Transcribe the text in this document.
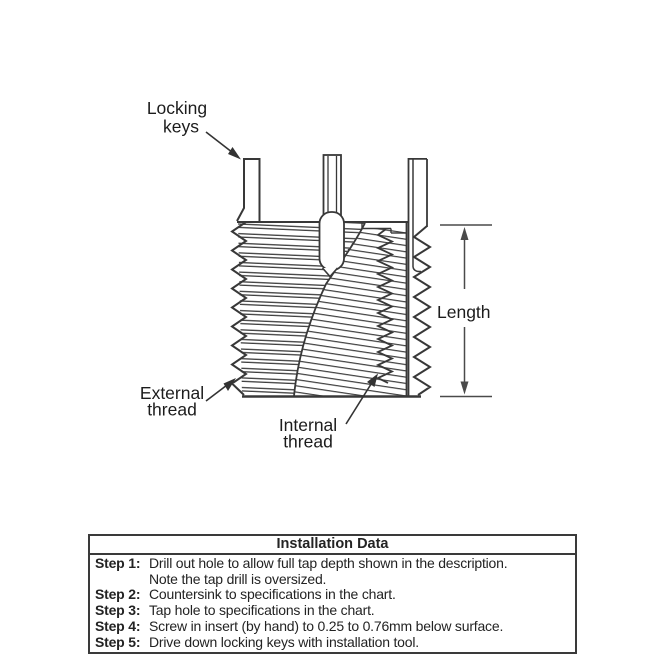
Locking
keys
External
thread
Internal
thread
Length
Installation Data
Step 1: Drill out hole to allow full tap depth shown in the description.
Note the tap drill is oversized.
Step 2: Countersink to specifications in the chart.
Step 3: Tap hole to specifications in the chart.
Step 4: Screw in insert (by hand) to 0.25 to 0.76mm below surface.
Step 5: Drive down locking keys with installation tool.
